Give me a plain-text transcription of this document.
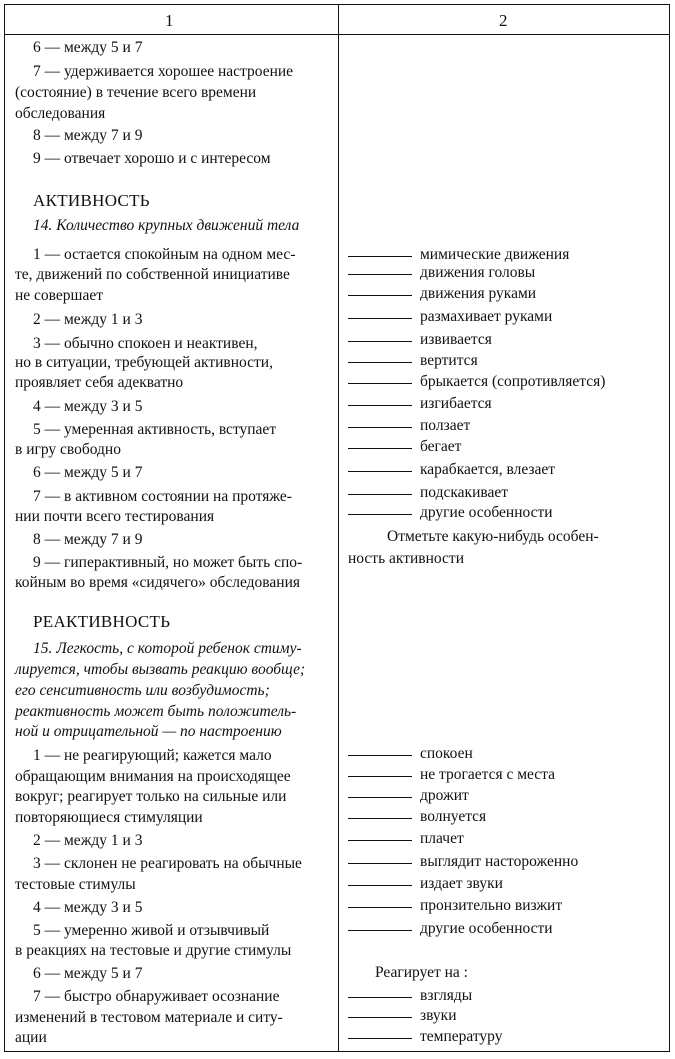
1	2
6 — между 5 и 7
7 — удерживается хорошее настроение
(состояние) в течение всего времени
обследования
8 — между 7 и 9
9 — отвечает хорошо и с интересом
АКТИВНОСТЬ
14. Количество крупных движений тела
1 — остается спокойным на одном мес-
те, движений по собственной инициативе
не совершает
2 — между 1 и 3
3 — обычно спокоен и неактивен,
но в ситуации, требующей активности,
проявляет себя адекватно
4 — между 3 и 5
5 — умеренная активность, вступает
в игру свободно
6 — между 5 и 7
7 — в активном состоянии на протяже-
нии почти всего тестирования
8 — между 7 и 9
9 — гиперактивный, но может быть спо-
койным во время «сидячего» обследования
РЕАКТИВНОСТЬ
15. Легкость, с которой ребенок стиму-
лируется, чтобы вызвать реакцию вообще;
его сенситивность или возбудимость;
реактивность может быть положитель-
ной и отрицательной — по настроению
1 — не реагирующий; кажется мало
обращающим внимания на происходящее
вокруг; реагирует только на сильные или
повторяющиеся стимуляции
2 — между 1 и 3
3 — склонен не реагировать на обычные
тестовые стимулы
4 — между 3 и 5
5 — умеренно живой и отзывчивый
в реакциях на тестовые и другие стимулы
6 — между 5 и 7
7 — быстро обнаруживает осознание
изменений в тестовом материале и ситу-
ации
мимические движения
движения головы
движения руками
размахивает руками
извивается
вертится
брыкается (сопротивляется)
изгибается
ползает
бегает
карабкается, влезает
подскакивает
другие особенности
Отметьте какую-нибудь особен-
ность активности
спокоен
не трогается с места
дрожит
волнуется
плачет
выглядит настороженно
издает звуки
пронзительно визжит
другие особенности
Реагирует на :
взгляды
звуки
температуру
